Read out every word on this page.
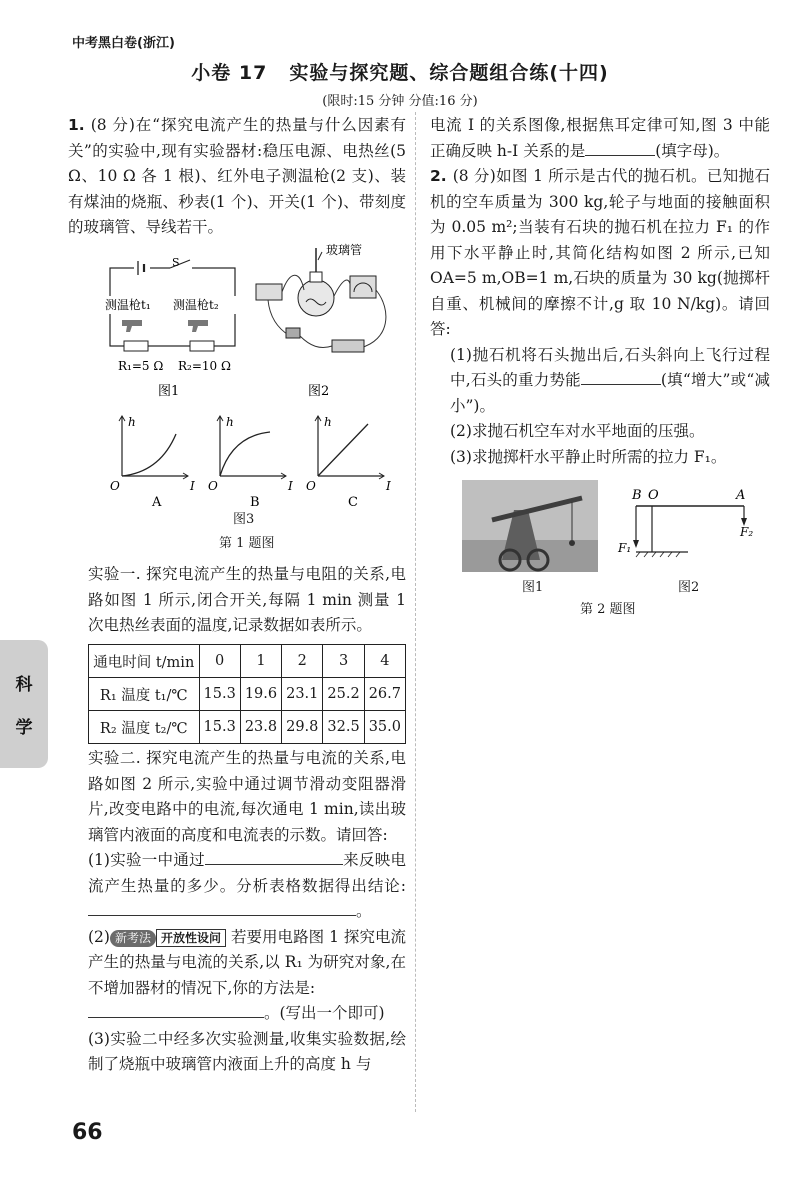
中考黑白卷(浙江)
小卷 17 实验与探究题、综合题组合练(十四)
(限时:15 分钟 分值:16 分)

1. (8 分)在“探究电流产生的热量与什么因素有关”的实验中,现有实验器材:稳压电源、电热丝(5 Ω、10 Ω 各 1 根)、红外电子测温枪(2 支)、装有煤油的烧瓶、秒表(1 个)、开关(1 个)、带刻度的玻璃管、导线若干。

S
测温枪t₁ 测温枪t₂
R₁=5 Ω R₂=10 Ω
图1
玻璃管
图2
h
I
O
A
h
I
O
B
h
I
O
C
图3
第 1 题图

实验一. 探究电流产生的热量与电阻的关系,电路如图 1 所示,闭合开关,每隔 1 min 测量 1 次电热丝表面的温度,记录数据如表所示。

通电时间 t/min	0	1	2	3	4
R₁ 温度 t₁/℃	15.3	19.6	23.1	25.2	26.7
R₂ 温度 t₂/℃	15.3	23.8	29.8	32.5	35.0

实验二. 探究电流产生的热量与电流的关系,电路如图 2 所示,实验中通过调节滑动变阻器滑片,改变电路中的电流,每次通电 1 min,读出玻璃管内液面的高度和电流表的示数。请回答:

(1)实验一中通过	来反映电流产生热量的多少。分析表格数据得出结论:。

(2) 新考法 开放性设问 若要用电路图 1 探究电流产生的热量与电流的关系,以 R₁ 为研究对象,在不增加器材的情况下,你的方法是:
。(写出一个即可)

(3)实验二中经多次实验测量,收集实验数据,绘制了烧瓶中玻璃管内液面上升的高度 h 与

电流 I 的关系图像,根据焦耳定律可知,图 3 中能正确反映 h-I 关系的是	(填字母)。

2. (8 分)如图 1 所示是古代的抛石机。已知抛石机的空车质量为 300 kg,轮子与地面的接触面积为 0.05 m²;当装有石块的抛石机在拉力 F₁ 的作用下水平静止时,其简化结构如图 2 所示,已知 OA=5 m,OB=1 m,石块的质量为 30 kg(抛掷杆自重、机械间的摩擦不计,g 取 10 N/kg)。请回答:

(1)抛石机将石头抛出后,石头斜向上飞行过程中,石头的重力势能	(填“增大”或“减小”)。

(2)求抛石机空车对水平地面的压强。

(3)求抛掷杆水平静止时所需的拉力 F₁。

图1
B O	A
F₁
F₂
图2
第 2 题图
科
学
66
